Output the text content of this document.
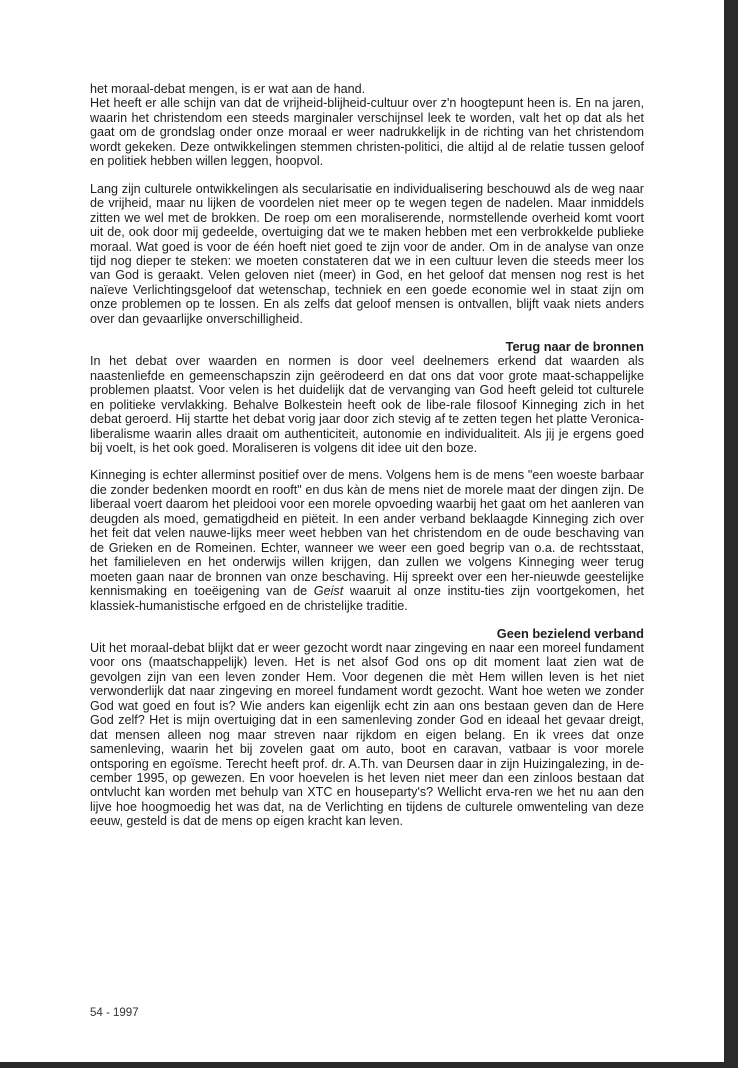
het moraal-debat mengen, is er wat aan de hand.

Het heeft er alle schijn van dat de vrijheid-blijheid-cultuur over z'n hoogtepunt heen is. En na jaren, waarin het christendom een steeds marginaler verschijnsel leek te worden, valt het op dat als het gaat om de grondslag onder onze moraal er weer nadrukkelijk in de richting van het christendom wordt gekeken. Deze ontwikkelingen stemmen christen-politici, die altijd al de relatie tussen geloof en politiek hebben willen leggen, hoopvol.

Lang zijn culturele ontwikkelingen als secularisatie en individualisering beschouwd als de weg naar de vrijheid, maar nu lijken de voordelen niet meer op te wegen tegen de nadelen. Maar inmiddels zitten we wel met de brokken. De roep om een moraliserende, normstellende overheid komt voort uit de, ook door mij gedeelde, overtuiging dat we te maken hebben met een verbrokkelde publieke moraal. Wat goed is voor de één hoeft niet goed te zijn voor de ander. Om in de analyse van onze tijd nog dieper te steken: we moeten constateren dat we in een cultuur leven die steeds meer los van God is geraakt. Velen geloven niet (meer) in God, en het geloof dat mensen nog rest is het naïeve Verlichtingsgeloof dat wetenschap, techniek en een goede economie wel in staat zijn om onze problemen op te lossen. En als zelfs dat geloof mensen is ontvallen, blijft vaak niets anders over dan gevaarlijke onverschilligheid.

Terug naar de bronnen

In het debat over waarden en normen is door veel deelnemers erkend dat waarden als naastenliefde en gemeenschapszin zijn geërodeerd en dat ons dat voor grote maat-schappelijke problemen plaatst. Voor velen is het duidelijk dat de vervanging van God heeft geleid tot culturele en politieke vervlakking. Behalve Bolkestein heeft ook de libe-rale filosoof Kinneging zich in het debat geroerd. Hij startte het debat vorig jaar door zich stevig af te zetten tegen het platte Veronica-liberalisme waarin alles draait om authenticiteit, autonomie en individualiteit. Als jij je ergens goed bij voelt, is het ook goed. Moraliseren is volgens dit idee uit den boze.

Kinneging is echter allerminst positief over de mens. Volgens hem is de mens "een woeste barbaar die zonder bedenken moordt en rooft" en dus kàn de mens niet de morele maat der dingen zijn. De liberaal voert daarom het pleidooi voor een morele opvoeding waarbij het gaat om het aanleren van deugden als moed, gematigdheid en piëteit. In een ander verband beklaagde Kinneging zich over het feit dat velen nauwe-lijks meer weet hebben van het christendom en de oude beschaving van de Grieken en de Romeinen. Echter, wanneer we weer een goed begrip van o.a. de rechtsstaat, het familieleven en het onderwijs willen krijgen, dan zullen we volgens Kinneging weer terug moeten gaan naar de bronnen van onze beschaving. Hij spreekt over een her-nieuwde geestelijke kennismaking en toeëigening van de Geist waaruit al onze institu-ties zijn voortgekomen, het klassiek-humanistische erfgoed en de christelijke traditie.

Geen bezielend verband

Uit het moraal-debat blijkt dat er weer gezocht wordt naar zingeving en naar een moreel fundament voor ons (maatschappelijk) leven. Het is net alsof God ons op dit moment laat zien wat de gevolgen zijn van een leven zonder Hem. Voor degenen die mèt Hem willen leven is het niet verwonderlijk dat naar zingeving en moreel fundament wordt gezocht. Want hoe weten we zonder God wat goed en fout is? Wie anders kan eigenlijk echt zin aan ons bestaan geven dan de Here God zelf? Het is mijn overtuiging dat in een samenleving zonder God en ideaal het gevaar dreigt, dat mensen alleen nog maar streven naar rijkdom en eigen belang. En ik vrees dat onze samenleving, waarin het bij zovelen gaat om auto, boot en caravan, vatbaar is voor morele ontsporing en egoïsme. Terecht heeft prof. dr. A.Th. van Deursen daar in zijn Huizingalezing, in de-cember 1995, op gewezen. En voor hoevelen is het leven niet meer dan een zinloos bestaan dat ontvlucht kan worden met behulp van XTC en houseparty's? Wellicht erva-ren we het nu aan den lijve hoe hoogmoedig het was dat, na de Verlichting en tijdens de culturele omwenteling van deze eeuw, gesteld is dat de mens op eigen kracht kan leven.

54 - 1997
